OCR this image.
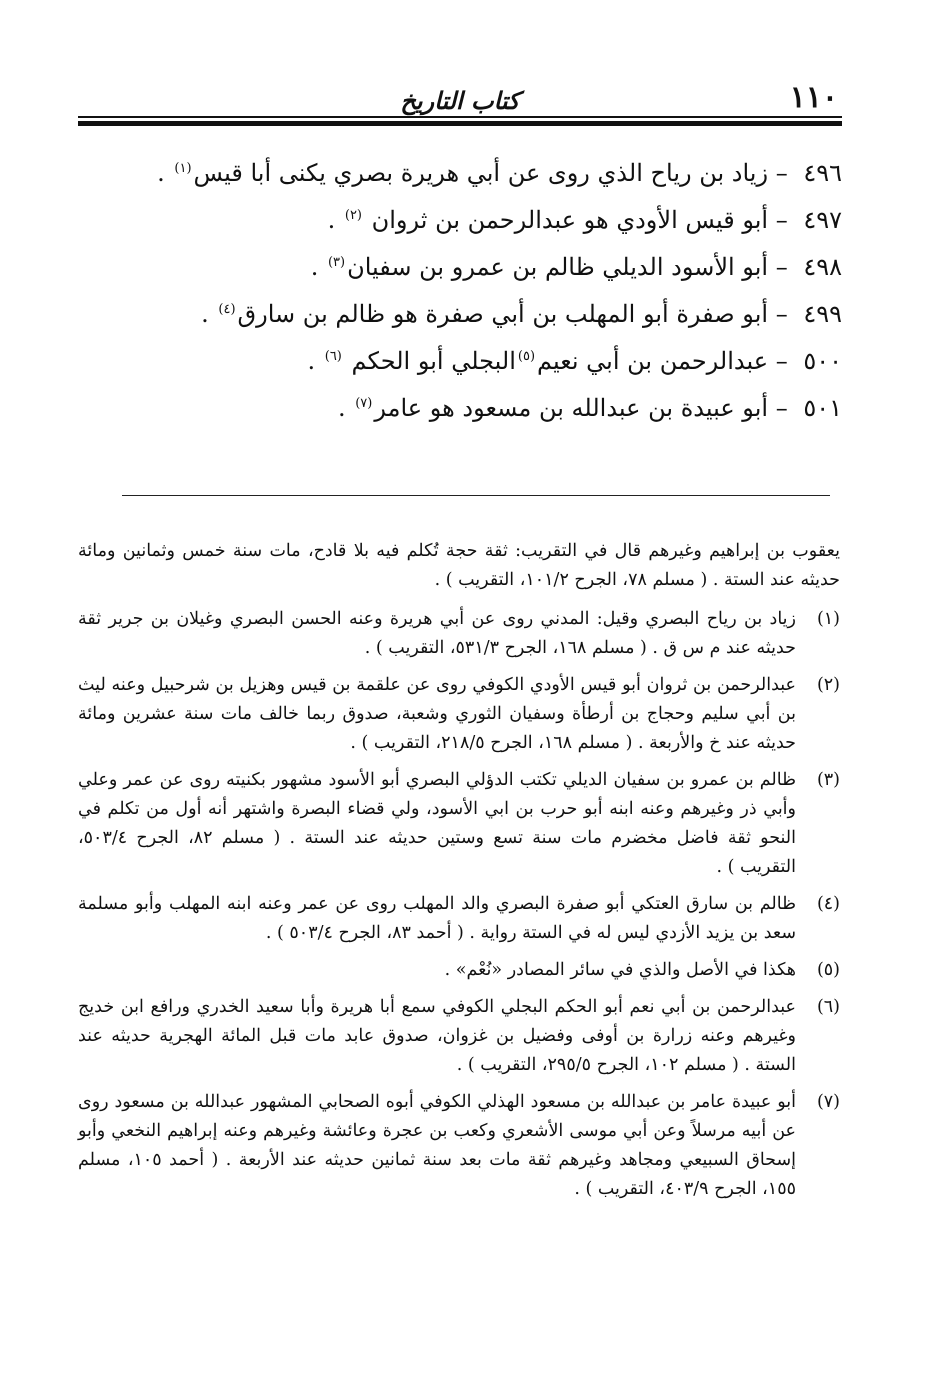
١١٠
كتاب التاريخ
٤٩٦ – زياد بن رياح الذي روى عن أبي هريرة بصري يكنى أبا قيس$^{(١)}$ .
٤٩٧ – أبو قيس الأودي هو عبدالرحمن بن ثروان $^{(٢)}$ .
٤٩٨ – أبو الأسود الديلي ظالم بن عمرو بن سفيان$^{(٣)}$ .
٤٩٩ – أبو صفرة أبو المهلب بن أبي صفرة هو ظالم بن سارق$^{(٤)}$ .
٥٠٠ – عبدالرحمن بن أبي نعيم$^{(٥)}$البجلي أبو الحكم $^{(٦)}$ .
٥٠١ – أبو عبيدة بن عبدالله بن مسعود هو عامر$^{(٧)}$ .
يعقوب بن إبراهيم وغيرهم قال في التقريب: ثقة حجة تُكلم فيه بلا قادح، مات سنة خمس وثمانين ومائة حديثه عند الستة . ( مسلم ٧٨، الجرح ١٠١/٢، التقريب ) .
(١)
زياد بن رياح البصري وقيل: المدني روى عن أبي هريرة وعنه الحسن البصري وغيلان بن جرير ثقة حديثه عند م س ق . ( مسلم ١٦٨، الجرح ٥٣١/٣، التقريب ) .
(٢)
عبدالرحمن بن ثروان أبو قيس الأودي الكوفي روى عن علقمة بن قيس وهزيل بن شرحبيل وعنه ليث بن أبي سليم وحجاج بن أرطأة وسفيان الثوري وشعبة، صدوق ربما خالف مات سنة عشرين ومائة حديثه عند خ والأربعة . ( مسلم ١٦٨، الجرح ٢١٨/٥، التقريب ) .
(٣)
ظالم بن عمرو بن سفيان الديلي تكتب الدؤلي البصري أبو الأسود مشهور بكنيته روى عن عمر وعلي وأبي ذر وغيرهم وعنه ابنه أبو حرب بن ابي الأسود، ولي قضاء البصرة واشتهر أنه أول من تكلم في النحو ثقة فاضل مخضرم مات سنة تسع وستين حديثه عند الستة . ( مسلم ٨٢، الجرح ٥٠٣/٤، التقريب ) .
(٤)
ظالم بن سارق العتكي أبو صفرة البصري والد المهلب روى عن عمر وعنه ابنه المهلب وأبو مسلمة سعد بن يزيد الأزدي ليس له في الستة رواية . ( أحمد ٨٣، الجرح ٥٠٣/٤ ) .
(٥)
هكذا في الأصل والذي في سائر المصادر «نُعْم» .
(٦)
عبدالرحمن بن أبي نعم أبو الحكم البجلي الكوفي سمع أبا هريرة وأبا سعيد الخدري ورافع ابن خديج وغيرهم وعنه زرارة بن أوفى وفضيل بن غزوان، صدوق عابد مات قبل المائة الهجرية حديثه عند الستة . ( مسلم ١٠٢، الجرح ٢٩٥/٥، التقريب ) .
(٧)
أبو عبيدة عامر بن عبدالله بن مسعود الهذلي الكوفي أبوه الصحابي المشهور عبدالله بن مسعود روى عن أبيه مرسلاً وعن أبي موسى الأشعري وكعب بن عجرة وعائشة وغيرهم وعنه إبراهيم النخعي وأبو إسحاق السبيعي ومجاهد وغيرهم ثقة مات بعد سنة ثمانين حديثه عند الأربعة . ( أحمد ١٠٥، مسلم ١٥٥، الجرح ٤٠٣/٩، التقريب ) .
